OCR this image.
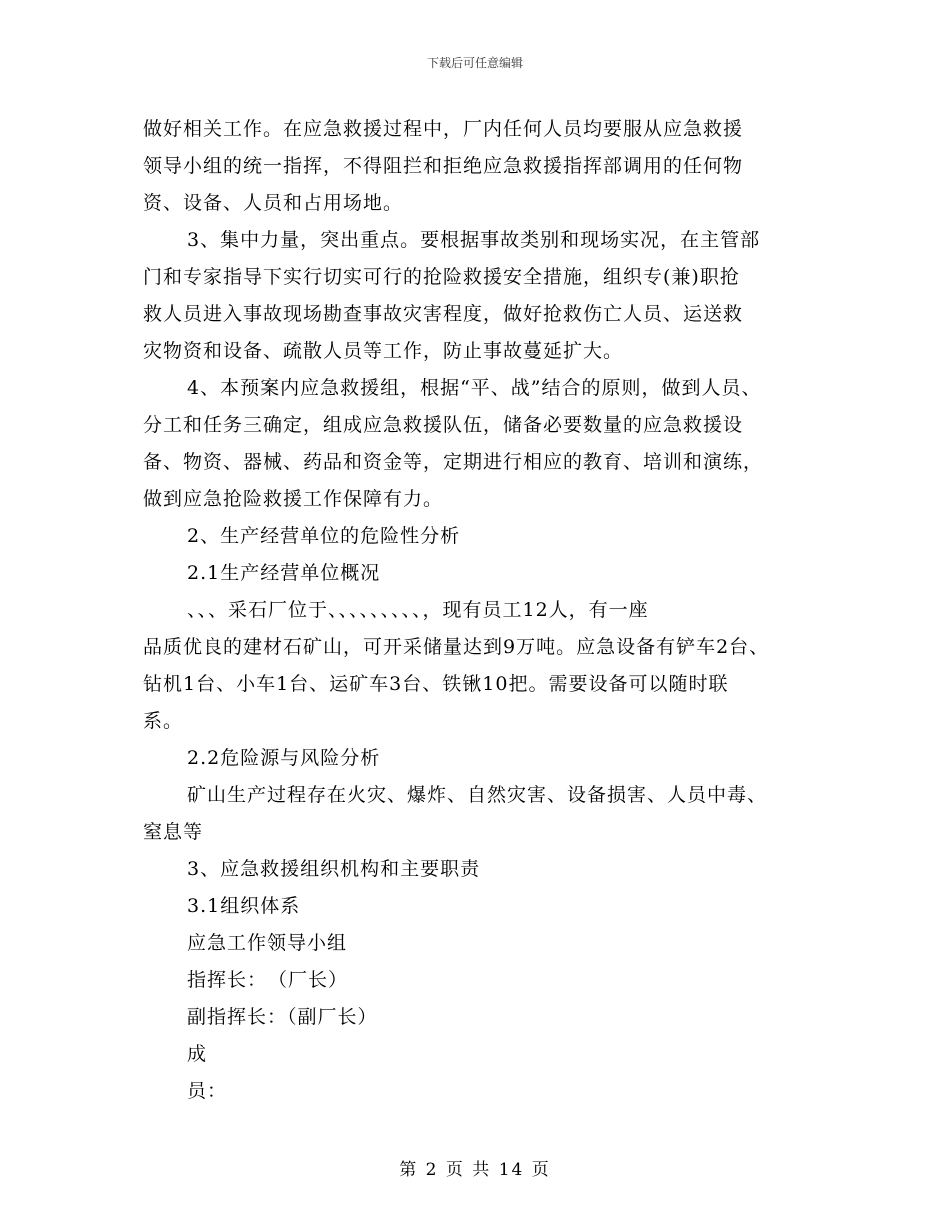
下载后可任意编辑
做好相关工作。在应急救援过程中，厂内任何人员均要服从应急救援
领导小组的统一指挥，不得阻拦和拒绝应急救援指挥部调用的任何物
资、设备、人员和占用场地。
3、集中力量，突出重点。要根据事故类别和现场实况，在主管部
门和专家指导下实行切实可行的抢险救援安全措施，组织专(兼)职抢
救人员进入事故现场勘查事故灾害程度，做好抢救伤亡人员、运送救
灾物资和设备、疏散人员等工作，防止事故蔓延扩大。
4、本预案内应急救援组，根据“平、战”结合的原则，做到人员、
分工和任务三确定，组成应急救援队伍，储备必要数量的应急救援设
备、物资、器械、药品和资金等，定期进行相应的教育、培训和演练，
做到应急抢险救援工作保障有力。
2、生产经营单位的危险性分析
2.1生产经营单位概况
、、、采石厂位于、、、、、、、、、，现有员工12人，有一座
品质优良的建材石矿山，可开采储量达到9万吨。应急设备有铲车2台、
钻机1台、小车1台、运矿车3台、铁锹10把。需要设备可以随时联
系。
2.2危险源与风险分析
矿山生产过程存在火灾、爆炸、自然灾害、设备损害、人员中毒、
窒息等
3、应急救援组织机构和主要职责
3.1组织体系
应急工作领导小组
指挥长：　（厂长）
副指挥长：（副厂长）
成
员：
第 2 页 共 14 页
